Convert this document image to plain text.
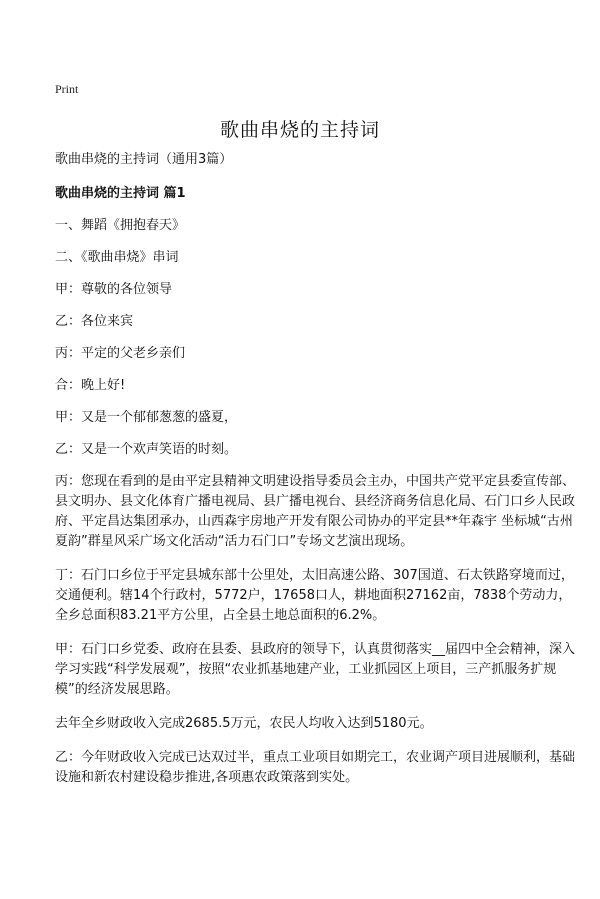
Print
歌曲串烧的主持词

歌曲串烧的主持词（通用3篇）

歌曲串烧的主持词 篇1

一、舞蹈《拥抱春天》

二、《歌曲串烧》串词

甲：尊敬的各位领导

乙：各位来宾

丙：平定的父老乡亲们

合：晚上好!

甲：又是一个郁郁葱葱的盛夏，

乙：又是一个欢声笑语的时刻。

丙：您现在看到的是由平定县精神文明建设指导委员会主办，中国共产党平定县委宣传部、县文明办、县文化体育广播电视局、县广播电视台、县经济商务信息化局、石门口乡人民政府、平定昌达集团承办，山西森宇房地产开发有限公司协办的平定县**年森宇 坐标城“古州夏韵”群星风采广场文化活动“活力石门口”专场文艺演出现场。

丁：石门口乡位于平定县城东部十公里处，太旧高速公路、307国道、石太铁路穿境而过，交通便利。辖14个行政村，5772户，17658口人，耕地面积27162亩，7838个劳动力，全乡总面积83.21平方公里，占全县土地总面积的6.2%。

甲：石门口乡党委、政府在县委、县政府的领导下，认真贯彻落实__届四中全会精神，深入学习实践“科学发展观”，按照“农业抓基地建产业，工业抓园区上项目，三产抓服务扩规模”的经济发展思路。

去年全乡财政收入完成2685.5万元，农民人均收入达到5180元。

乙：今年财政收入完成已达双过半，重点工业项目如期完工，农业调产项目进展顺利，基础设施和新农村建设稳步推进,各项惠农政策落到实处。
